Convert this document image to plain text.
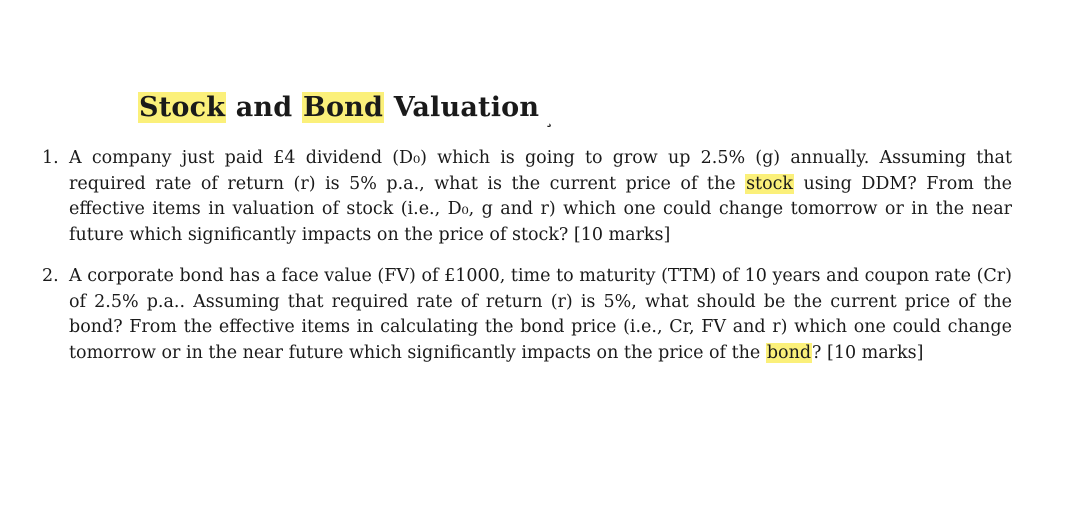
Stock and Bond Valuation ¸
1. A company just paid £4 dividend (D₀) which is going to grow up 2.5% (g) annually. Assuming that required rate of return (r) is 5% p.a., what is the current price of the stock using DDM? From the effective items in valuation of stock (i.e., D₀, g and r) which one could change tomorrow or in the near future which significantly impacts on the price of stock? [10 marks]
2. A corporate bond has a face value (FV) of £1000, time to maturity (TTM) of 10 years and coupon rate (Cr) of 2.5% p.a.. Assuming that required rate of return (r) is 5%, what should be the current price of the bond? From the effective items in calculating the bond price (i.e., Cr, FV and r) which one could change tomorrow or in the near future which significantly impacts on the price of the bond? [10 marks]
